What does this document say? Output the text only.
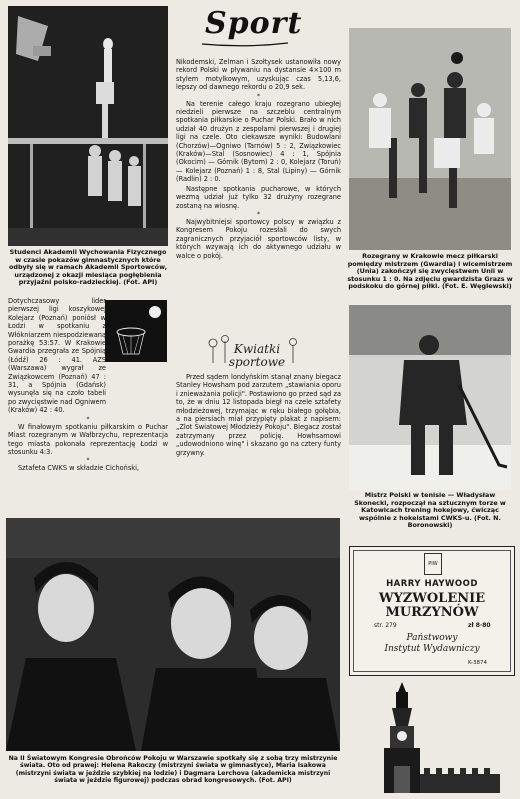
Sport
Studenci Akademii Wychowania Fizycznego w czasie pokazów gimnastycznych które odbyły się w ramach Akademii Sportowców, urządzonej z okazji miesiąca pogłębienia przyjaźni polsko-radzieckiej. (Fot. API)
Rozegrany w Krakowie mecz piłkarski pomiędzy mistrzem (Gwardia) i wicemistrzem (Unia) zakończył się zwycięstwem Unii w stosunku 1 : 0. Na zdjęciu gwardzista Grazs w podskoku do górnej piłki. (Fot. E. Węglewski)
Mistrz Polski w tenisie — Władysław Skonecki, rozpoczął na sztucznym torze w Katowicach trening hokejowy, ćwicząc wspólnie z hokeistami CWKS-u. (Fot. N. Boronowski)

Nikodemski, Zelman i Szołtysek ustanowiła nowy rekord Polski w pływaniu na dystansie 4×100 m stylem motylkowym, uzyskując czas 5,13,6, lepszy od dawnego rekordu o 20,9 sek.

*

Na terenie całego kraju rozegrano ubiegłej niedzieli pierwsze na szczeblu centralnym spotkania piłkarskie o Puchar Polski. Brało w nich udział 40 drużyn z zespołami pierwszej i drugiej ligi na czele. Oto ciekawsze wyniki: Budowlani (Chorzów)—Ogniwo (Tarnów) 5 : 2, Związkowiec (Kraków)—Stal (Sosnowiec) 4 : 1, Spójnia (Okocim) — Górnik (Bytom) 2 : 0, Kolejarz (Toruń) — Kolejarz (Poznań) 1 : 8, Stal (Lipiny) — Górnik (Radlin) 2 : 0.

Następne spotkania pucharowe, w których wezmą udział już tylko 32 drużyny rozegrane zostaną na wiosnę.

*

Najwybitniejsi sportowcy polscy w związku z Kongresem Pokoju rozesłali do swych zagranicznych przyjaciół sportowców listy, w których wzywają ich do aktywnego udziału w walce o pokój.

Kwiatki sportowe

Przed sądem londyńskim stanął znany biegacz Stanley Howsham pod zarzutem „stawiania oporu i znieważania policji". Postawiono go przed sąd za to, że w dniu 12 listopada biegł na czele sztafety młodzieżowej, trzymając w ręku białego gołębia, a na piersiach miał przypięty plakat z napisem: „Zlot Światowej Młodzieży Pokoju". Biegacz został zatrzymany przez policję. Howhsamowi „udowodniono winę" i skazano go na cztery funty grzywny.

Dotychczasowy lider pierwszej ligi koszykowej Kolejarz (Poznań) poniósł w Łodzi w spotkaniu z Włókniarzem niespodziewaną porażkę 53:57. W Krakowie Gwardia przegrała ze Spójnią (Łódź) 26 : 41. AZS (Warszawa) wygrał ze Związkowcem (Poznań) 47 : 31, a Spójnia (Gdańsk) wysunęła się na czoło tabeli po zwycięstwie nad Ogniwem (Kraków) 42 : 40.

*

W finałowym spotkaniu piłkarskim o Puchar Miast rozegranym w Wałbrzychu, reprezentacja tego miasta pokonała reprezentację Łodzi w stosunku 4:3.

*

Sztafeta CWKS w składzie Cichoński,

Na II Światowym Kongresie Obrońców Pokoju w Warszawie spotkały się z sobą trzy mistrzynie świata. Oto od prawej: Helena Rakoczy (mistrzyni świata w gimnastyce), Maria Isakowa (mistrzyni świata w jeździe szybkiej na lodzie) i Dagmara Lerchova (akademicka mistrzyni świata w jeździe figurowej) podczas obrad kongresowych. (Fot. API)
PIW
HARRY HAYWOOD
WYZWOLENIE
MURZYNÓW
str. 279	zł 8·80
Państwowy
Instytut Wydawniczy
K-3874
